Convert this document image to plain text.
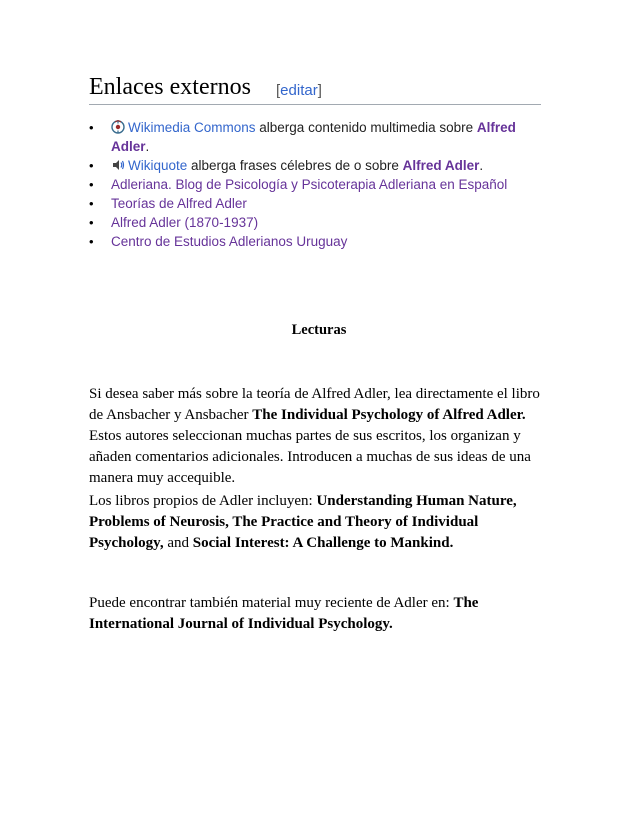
Enlaces externos [editar]
• Wikimedia Commons alberga contenido multimedia sobre Alfred Adler.
• Wikiquote alberga frases célebres de o sobre Alfred Adler.
• Adleriana. Blog de Psicología y Psicoterapia Adleriana en Español
• Teorías de Alfred Adler
• Alfred Adler (1870-1937)
• Centro de Estudios Adlerianos Uruguay
Lecturas

Si desea saber más sobre la teoría de Alfred Adler, lea directamente el libro de Ansbacher y Ansbacher The Individual Psychology of Alfred Adler. Estos autores seleccionan muchas partes de sus escritos, los organizan y añaden comentarios adicionales. Introducen a muchas de sus ideas de una manera muy accequible.

Los libros propios de Adler incluyen: Understanding Human Nature, Problems of Neurosis, The Practice and Theory of Individual Psychology, and Social Interest: A Challenge to Mankind.

Puede encontrar también material muy reciente de Adler en: The International Journal of Individual Psychology.
